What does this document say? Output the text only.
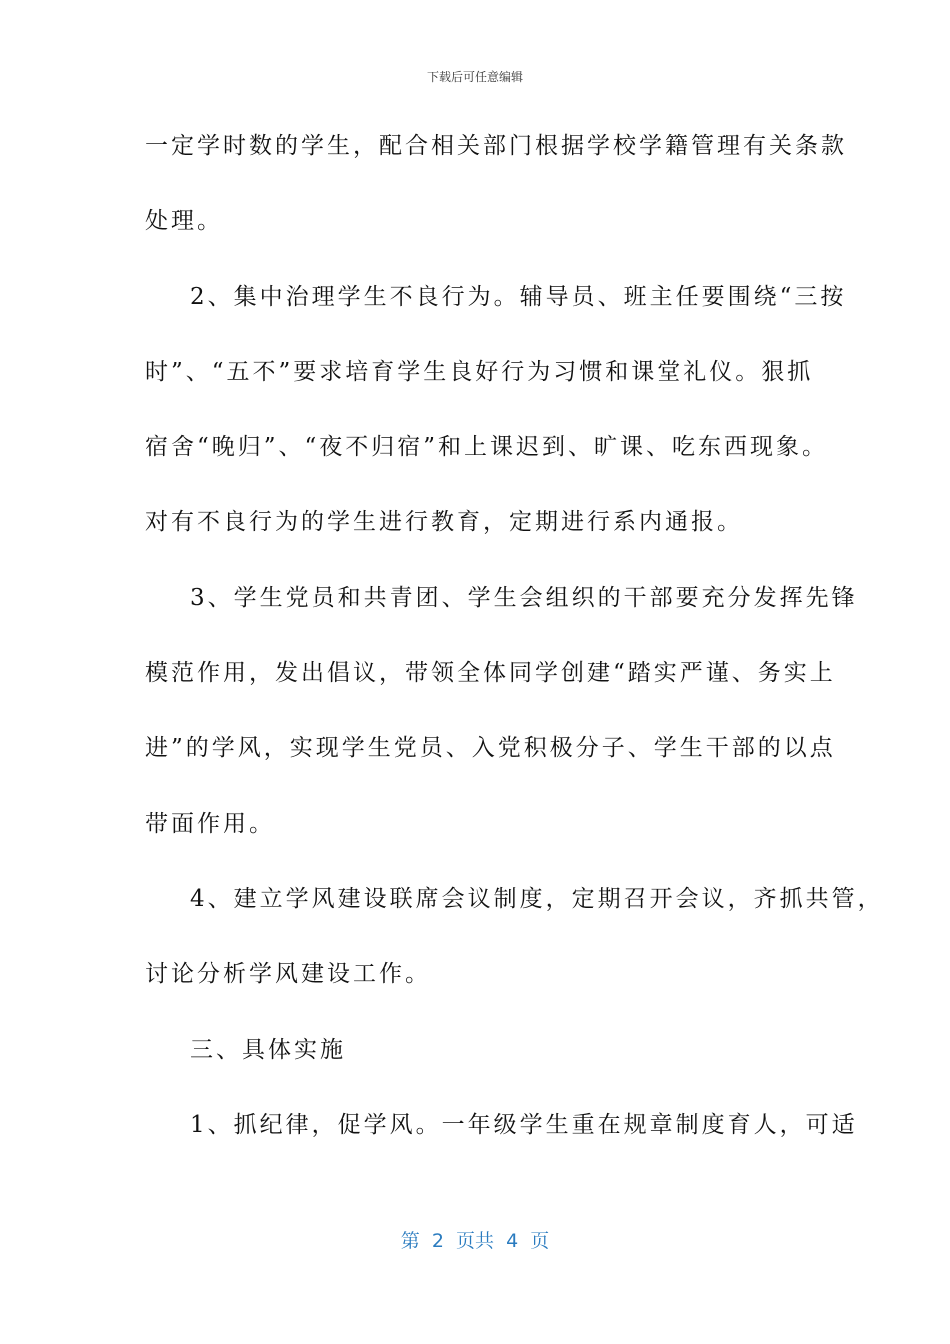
下载后可任意编辑
一定学时数的学生，配合相关部门根据学校学籍管理有关条款
处理。
2、集中治理学生不良行为。辅导员、班主任要围绕“三按
时”、“五不”要求培育学生良好行为习惯和课堂礼仪。狠抓
宿舍“晚归”、“夜不归宿”和上课迟到、旷课、吃东西现象。
对有不良行为的学生进行教育，定期进行系内通报。
3、学生党员和共青团、学生会组织的干部要充分发挥先锋
模范作用，发出倡议，带领全体同学创建“踏实严谨、务实上
进”的学风，实现学生党员、入党积极分子、学生干部的以点
带面作用。
4、建立学风建设联席会议制度，定期召开会议，齐抓共管，
讨论分析学风建设工作。
三、具体实施
1、抓纪律，促学风。一年级学生重在规章制度育人，可适
第  2  页共  4  页
